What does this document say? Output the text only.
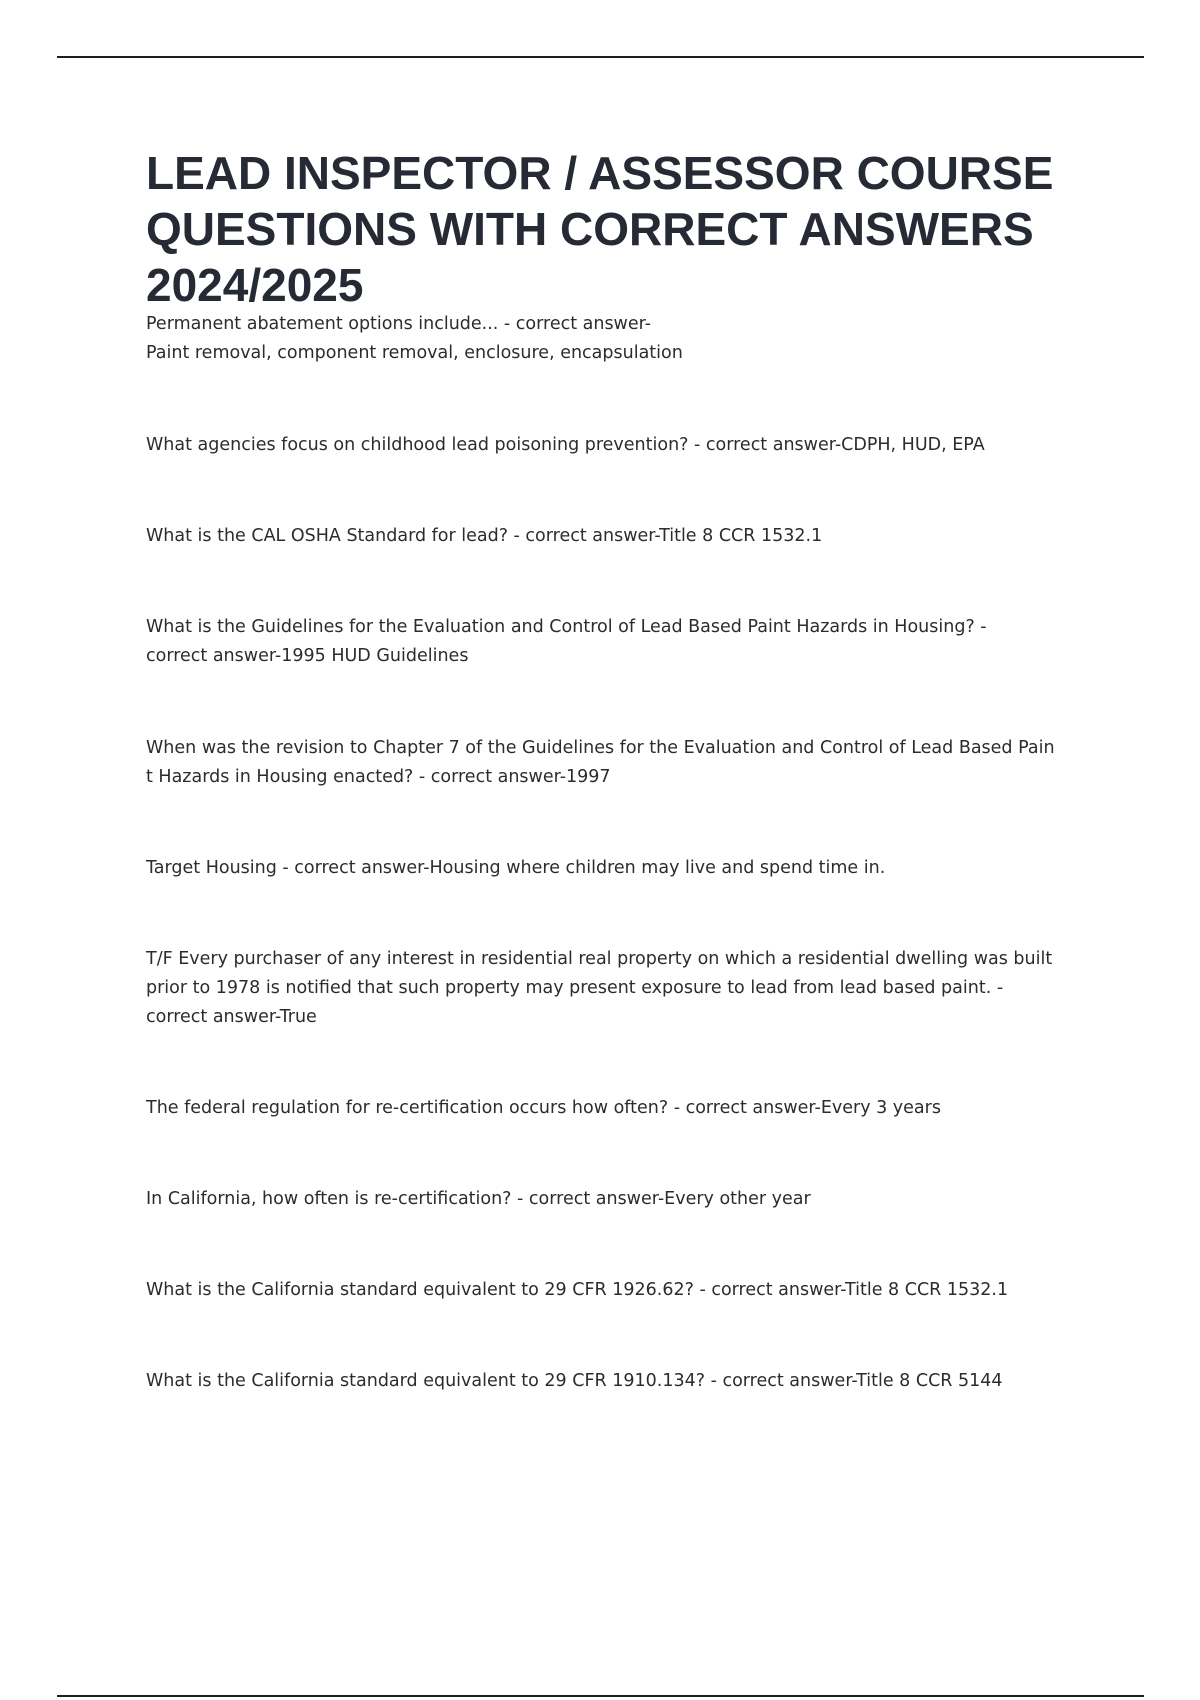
LEAD INSPECTOR / ASSESSOR COURSE QUESTIONS WITH CORRECT ANSWERS 2024/2025
Permanent abatement options include... - correct answer-
Paint removal, component removal, enclosure, encapsulation
What agencies focus on childhood lead poisoning prevention? - correct answer-CDPH, HUD, EPA
What is the CAL OSHA Standard for lead? - correct answer-Title 8 CCR 1532.1
What is the Guidelines for the Evaluation and Control of Lead Based Paint Hazards in Housing? -
correct answer-1995 HUD Guidelines
When was the revision to Chapter 7 of the Guidelines for the Evaluation and Control of Lead Based Pain
t Hazards in Housing enacted? - correct answer-1997
Target Housing - correct answer-Housing where children may live and spend time in.
T/F Every purchaser of any interest in residential real property on which a residential dwelling was built
prior to 1978 is notified that such property may present exposure to lead from lead based paint. -
correct answer-True
The federal regulation for re-certification occurs how often? - correct answer-Every 3 years
In California, how often is re-certification? - correct answer-Every other year
What is the California standard equivalent to 29 CFR 1926.62? - correct answer-Title 8 CCR 1532.1
What is the California standard equivalent to 29 CFR 1910.134? - correct answer-Title 8 CCR 5144
